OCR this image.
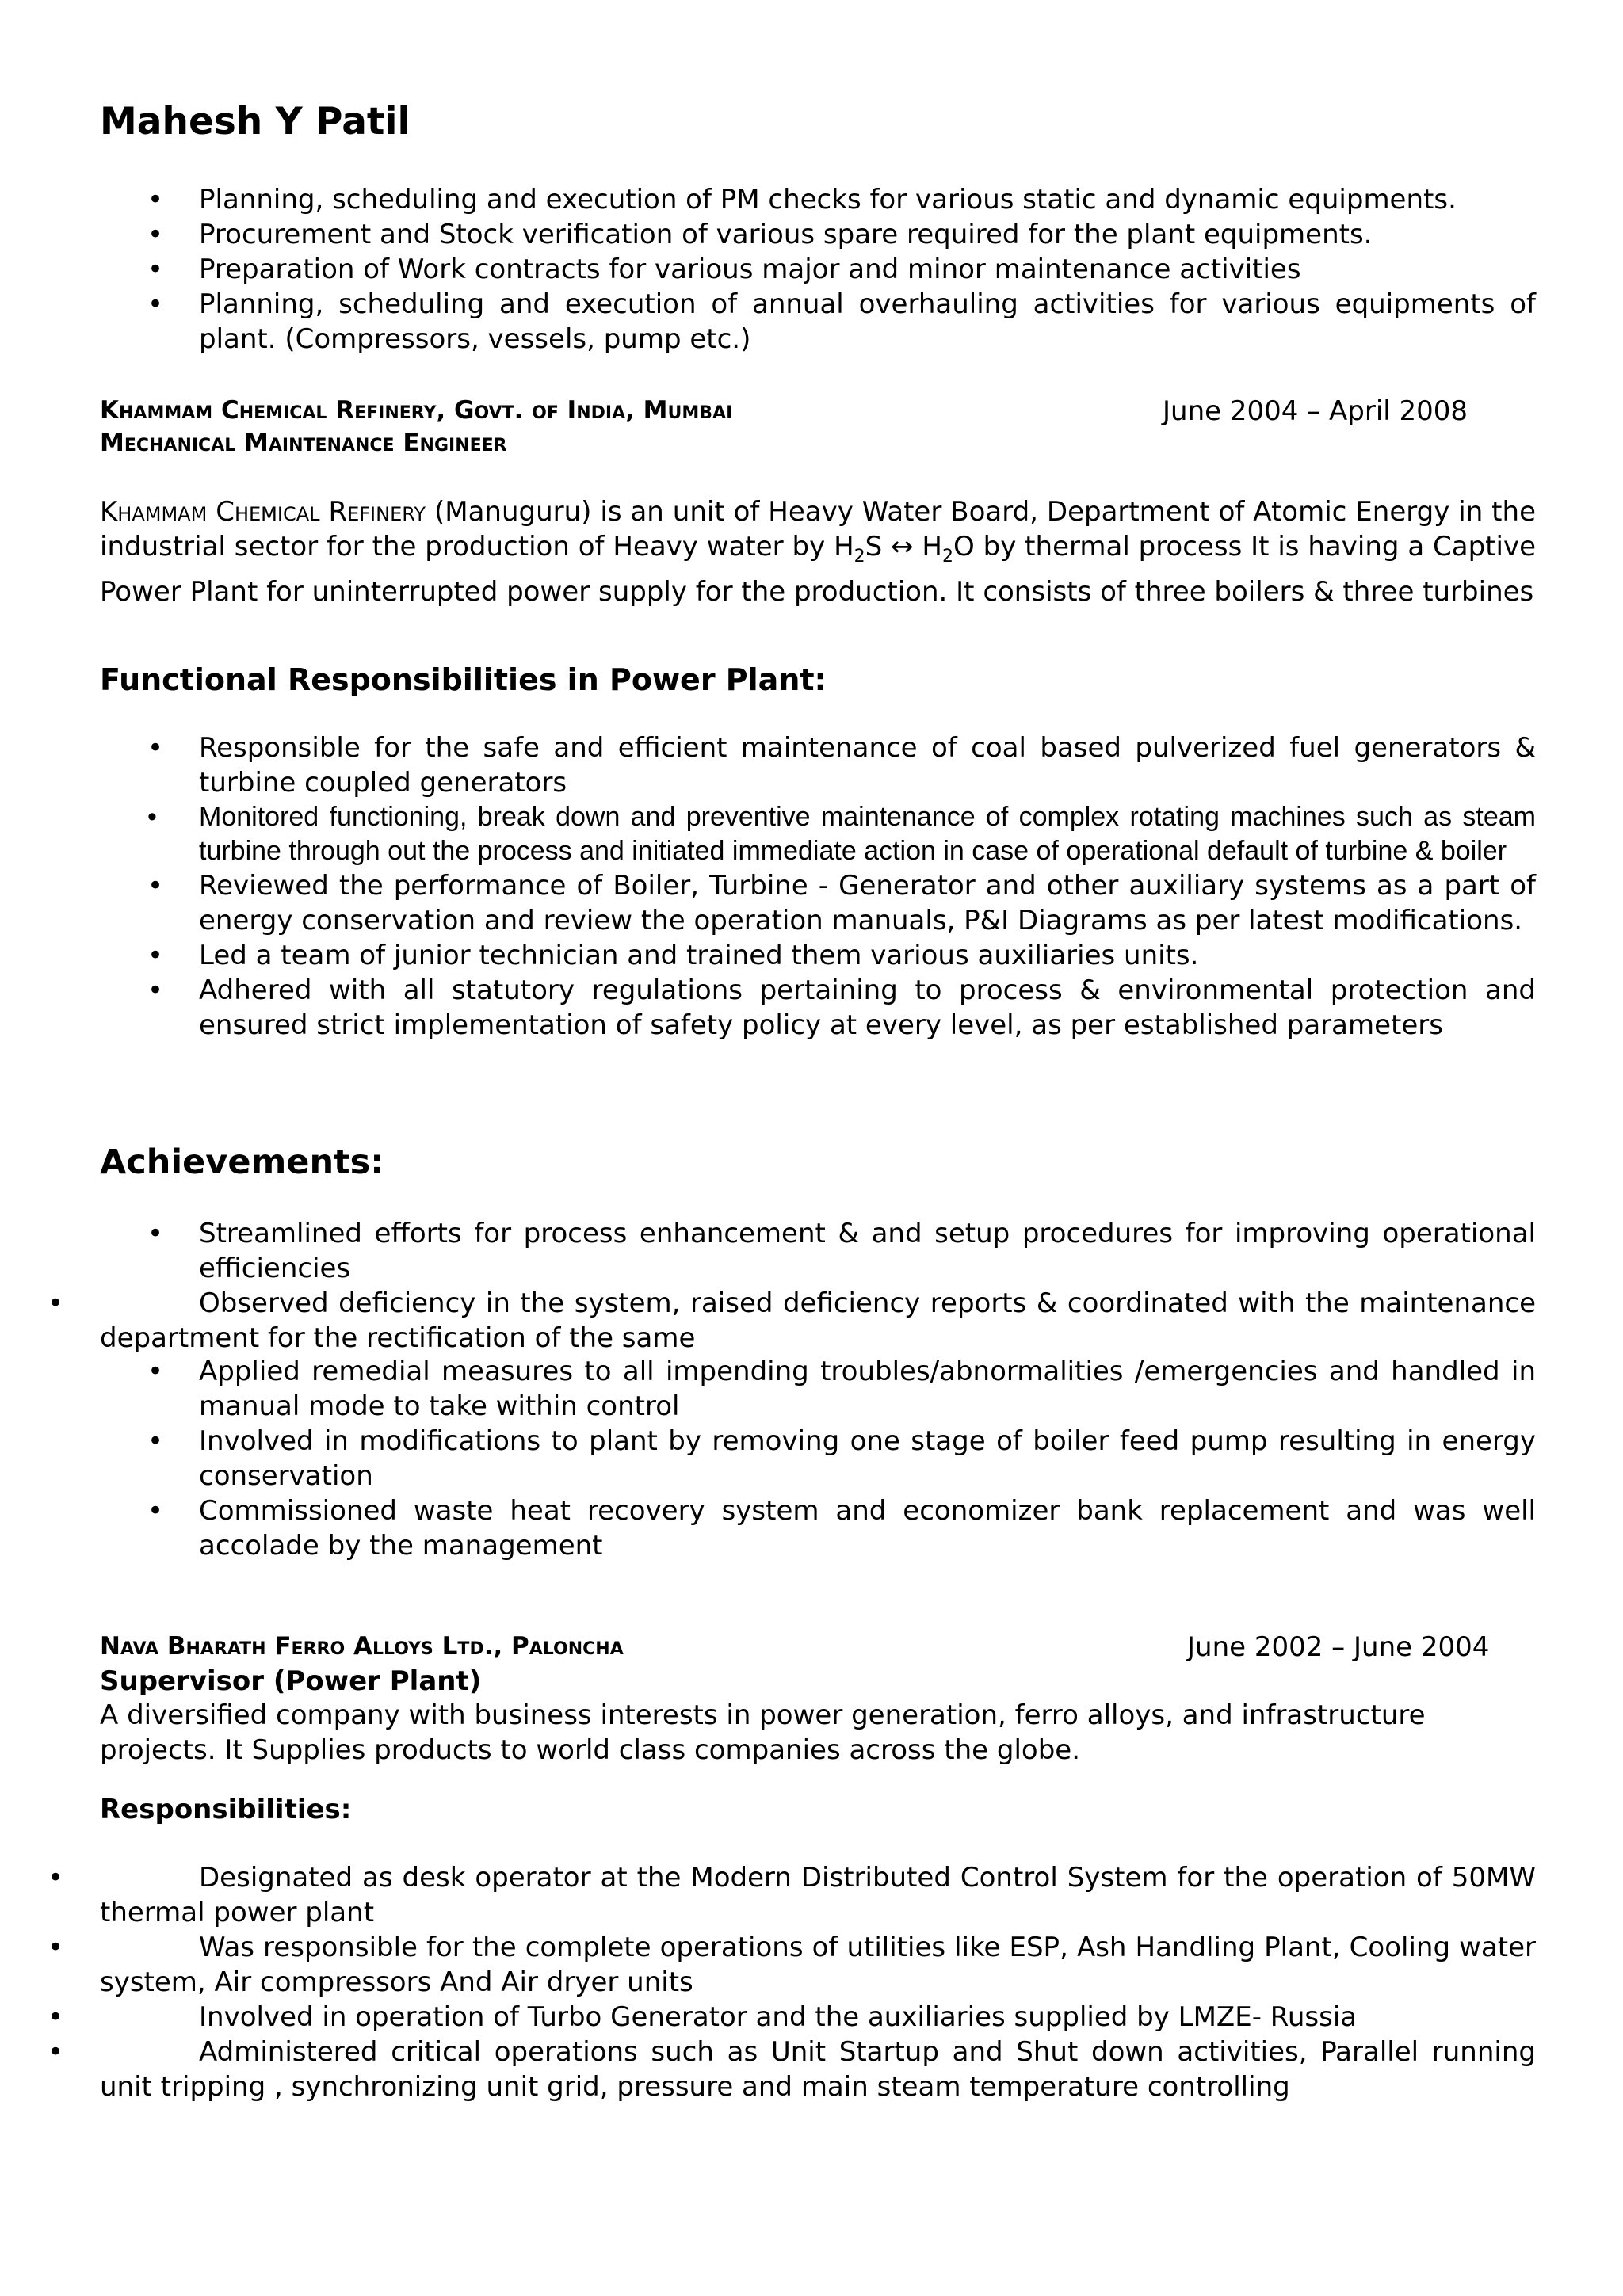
Mahesh Y Patil
• Planning, scheduling and execution of PM checks for various static and dynamic equipments.
• Procurement and Stock verification of various spare required for the plant equipments.
• Preparation of Work contracts for various major and minor maintenance activities
• Planning, scheduling and execution of annual overhauling activities for various equipments of plant. (Compressors, vessels, pump etc.)
Khammam Chemical Refinery, Govt. of India, Mumbai	June 2004 – April 2008
Mechanical Maintenance Engineer
Khammam Chemical Refinery (Manuguru) is an unit of Heavy Water Board, Department of Atomic Energy in the industrial sector for the production of Heavy water by $H_2S$ ↔ $H_2O$ by thermal process It is having a Captive Power Plant for uninterrupted power supply for the production. It consists of three boilers & three turbines
Functional Responsibilities in Power Plant:
• Responsible for the safe and efficient maintenance of coal based pulverized fuel generators & turbine coupled generators
• Monitored functioning, break down and preventive maintenance of complex rotating machines such as steam turbine through out the process and initiated immediate action in case of operational default of turbine & boiler
• Reviewed the performance of Boiler, Turbine - Generator and other auxiliary systems as a part of energy conservation and review the operation manuals, P&I Diagrams as per latest modifications.
• Led a team of junior technician and trained them various auxiliaries units.
• Adhered with all statutory regulations pertaining to process & environmental protection and ensured strict implementation of safety policy at every level, as per established parameters
Achievements:
• Streamlined efforts for process enhancement & and setup procedures for improving operational efficiencies
•	Observed deficiency in the system, raised deficiency reports & coordinated with the maintenance department for the rectification of the same
• Applied remedial measures to all impending troubles/abnormalities /emergencies and handled in manual mode to take within control
• Involved in modifications to plant by removing one stage of boiler feed pump resulting in energy conservation
• Commissioned waste heat recovery system and economizer bank replacement and was well accolade by the management
Nava Bharath Ferro Alloys Ltd., Paloncha	June 2002 – June 2004
Supervisor (Power Plant)
A diversified company with business interests in power generation, ferro alloys, and infrastructure projects. It Supplies products to world class companies across the globe.
Responsibilities:
•	Designated as desk operator at the Modern Distributed Control System for the operation of 50MW thermal power plant
•	Was responsible for the complete operations of utilities like ESP, Ash Handling Plant, Cooling water system, Air compressors And Air dryer units
•	Involved in operation of Turbo Generator and the auxiliaries supplied by LMZE- Russia
•	Administered critical operations such as Unit Startup and Shut down activities, Parallel running unit tripping , synchronizing unit grid, pressure and main steam temperature controlling
